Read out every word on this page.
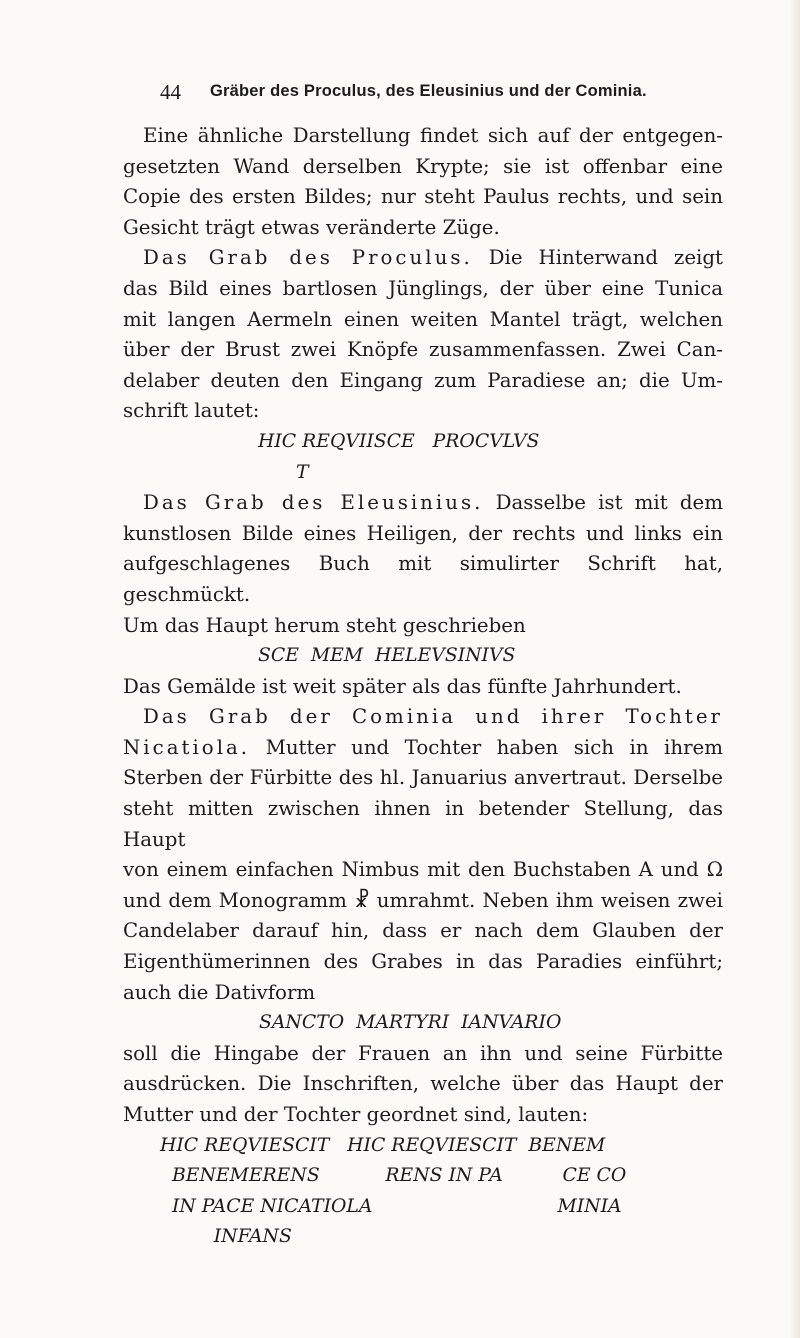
44 Gräber des Proculus, des Eleusinius und der Cominia.

Eine ähnliche Darstellung findet sich auf der entgegen-
gesetzten Wand derselben Krypte; sie ist offenbar eine
Copie des ersten Bildes; nur steht Paulus rechts, und sein
Gesicht trägt etwas veränderte Züge.

Das Grab des Proculus. Die Hinterwand zeigt
das Bild eines bartlosen Jünglings, der über eine Tunica
mit langen Aermeln einen weiten Mantel trägt, welchen
über der Brust zwei Knöpfe zusammenfassen. Zwei Can-
delaber deuten den Eingang zum Paradiese an; die Um-
schrift lautet:

HIC REQVIISCE   PROCVLVS
T

Das Grab des Eleusinius. Dasselbe ist mit dem
kunstlosen Bilde eines Heiligen, der rechts und links ein
aufgeschlagenes Buch mit simulirter Schrift hat, geschmückt.
Um das Haupt herum steht geschrieben

SCE  MEM  HELEVSINIVS

Das Gemälde ist weit später als das fünfte Jahrhundert.

Das Grab der Cominia und ihrer Tochter
Nicatiola. Mutter und Tochter haben sich in ihrem
Sterben der Fürbitte des hl. Januarius anvertraut. Derselbe
steht mitten zwischen ihnen in betender Stellung, das Haupt
von einem einfachen Nimbus mit den Buchstaben A und Ω
und dem Monogramm ☧ umrahmt. Neben ihm weisen zwei
Candelaber darauf hin, dass er nach dem Glauben der
Eigenthümerinnen des Grabes in das Paradies einführt;
auch die Dativform

SANCTO  MARTYRI  IANVARIO

soll die Hingabe der Frauen an ihn und seine Fürbitte
ausdrücken. Die Inschriften, welche über das Haupt der
Mutter und der Tochter geordnet sind, lauten:

HIC REQVIESCIT   HIC REQVIESCIT  BENEM
BENEMERENS           RENS IN PA          CE CO
IN PACE NICATIOLA                               MINIA
INFANS
